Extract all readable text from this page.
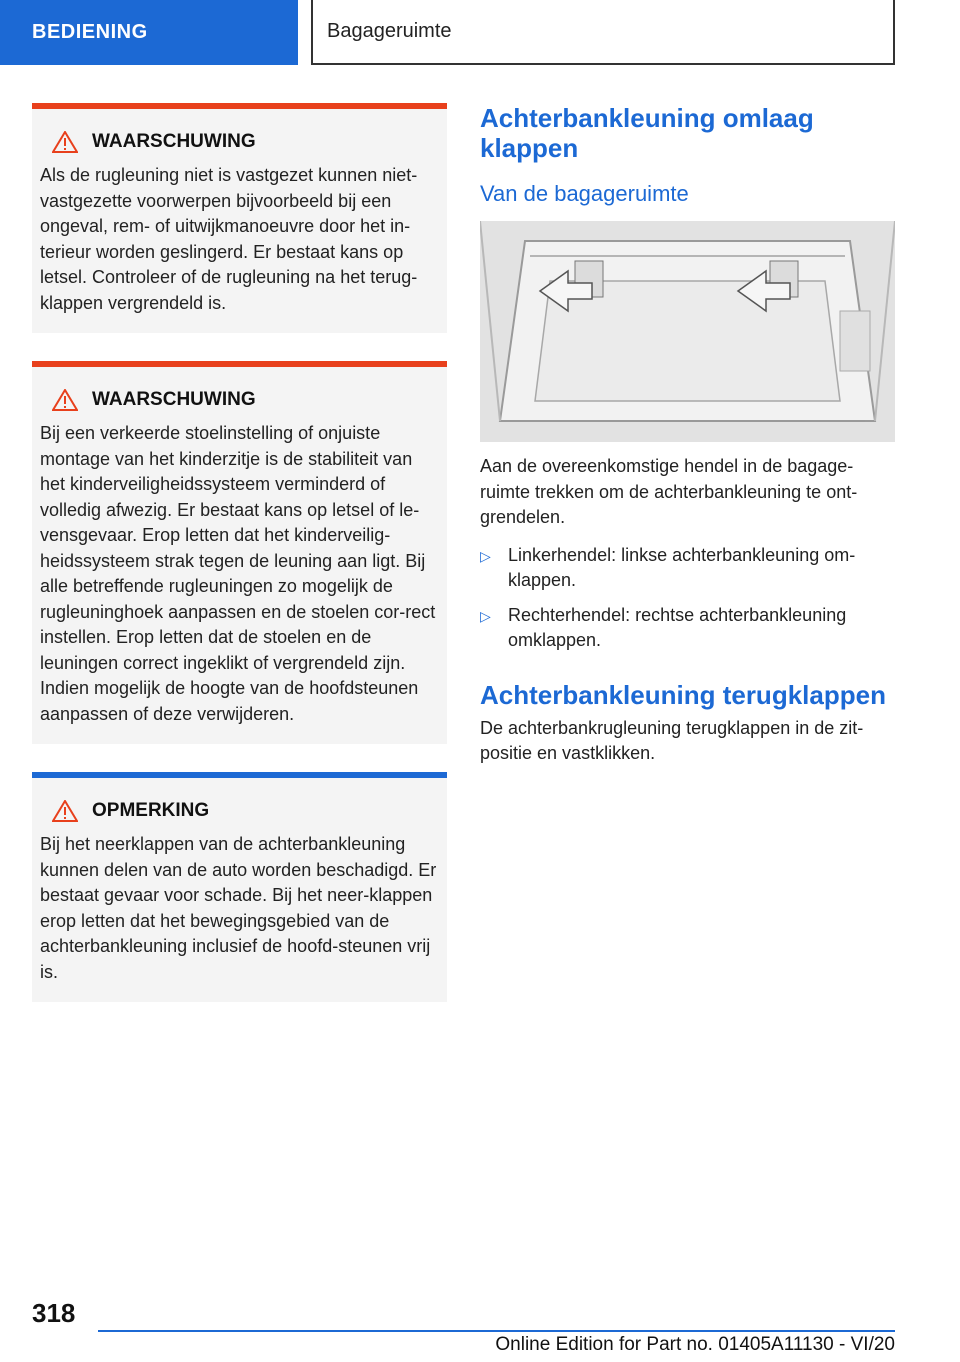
BEDIENING	Bagageruimte
WAARSCHUWING
Als de rugleuning niet is vastgezet kunnen niet-vastgezette voorwerpen bijvoorbeeld bij een ongeval, rem- of uitwijkmanoeuvre door het in-terieur worden geslingerd. Er bestaat kans op letsel. Controleer of de rugleuning na het terug-klappen vergrendeld is.
WAARSCHUWING
Bij een verkeerde stoelinstelling of onjuiste montage van het kinderzitje is de stabiliteit van het kinderveiligheidssysteem verminderd of volledig afwezig. Er bestaat kans op letsel of le-vensgevaar. Erop letten dat het kinderveilig-heidssysteem strak tegen de leuning aan ligt. Bij alle betreffende rugleuningen zo mogelijk de rugleuninghoek aanpassen en de stoelen cor-rect instellen. Erop letten dat de stoelen en de leuningen correct ingeklikt of vergrendeld zijn. Indien mogelijk de hoogte van de hoofdsteunen aanpassen of deze verwijderen.
OPMERKING
Bij het neerklappen van de achterbankleuning kunnen delen van de auto worden beschadigd. Er bestaat gevaar voor schade. Bij het neer-klappen erop letten dat het bewegingsgebied van de achterbankleuning inclusief de hoofd-steunen vrij is.
Achterbankleuning omlaag klappen
Van de bagageruimte

Aan de overeenkomstige hendel in de bagage-ruimte trekken om de achterbankleuning te ont-grendelen.

▷ Linkerhendel: linkse achterbankleuning om-klappen.
▷ Rechterhendel: rechtse achterbankleuning omklappen.
Achterbankleuning terugklappen

De achterbankrugleuning terugklappen in de zit-positie en vastklikken.

318
Online Edition for Part no. 01405A11130 - VI/20
